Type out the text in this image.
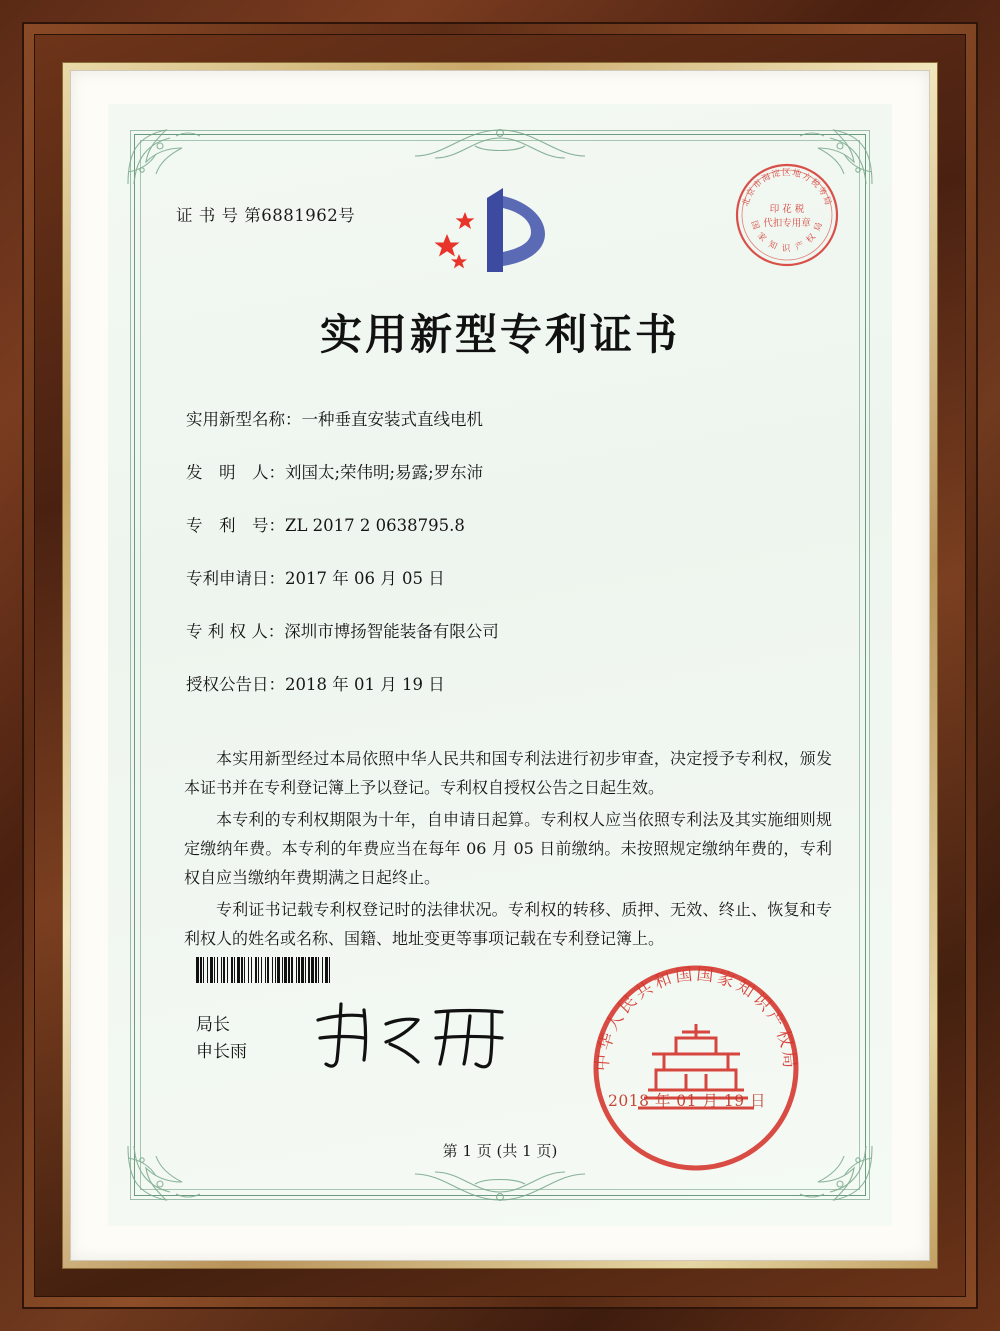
证 书 号 第6881962号
实用新型专利证书
北京市海淀区地方税务局
国 家 知 识 产 权 局
印 花 税
代扣专用章
实用新型名称： 一种垂直安装式直线电机
发　明　人： 刘国太;荣伟明;易露;罗东沛
专　利　号： ZL 2017 2 0638795.8
专利申请日： 2017 年 06 月 05 日
专 利 权 人： 深圳市博扬智能装备有限公司
授权公告日： 2018 年 01 月 19 日

本实用新型经过本局依照中华人民共和国专利法进行初步审查，决定授予专利权，颁发本证书并在专利登记簿上予以登记。专利权自授权公告之日起生效。

本专利的专利权期限为十年，自申请日起算。专利权人应当依照专利法及其实施细则规定缴纳年费。本专利的年费应当在每年 06 月 05 日前缴纳。未按照规定缴纳年费的，专利权自应当缴纳年费期满之日起终止。

专利证书记载专利权登记时的法律状况。专利权的转移、质押、无效、终止、恢复和专利权人的姓名或名称、国籍、地址变更等事项记载在专利登记簿上。

局长
申长雨	中华人民共和国国家知识产权局
2018 年 01 月 19 日
第 1 页 (共 1 页)
